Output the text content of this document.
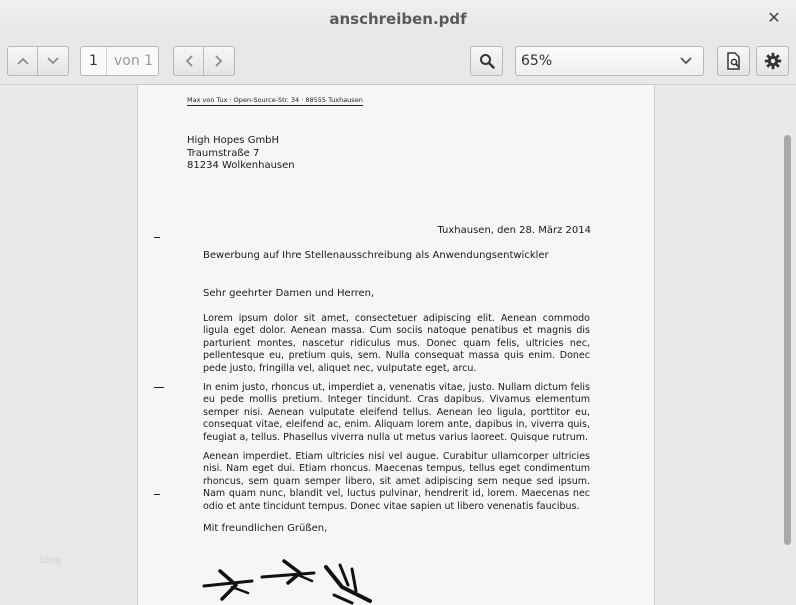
anschreiben.pdf	✕
1	von 1	65%
blog
Max von Tux · Open-Source-Str. 34 · 88555 Tuxhausen
High Hopes GmbH
Traumstraße 7
81234 Wolkenhausen
Tuxhausen, den 28. März 2014
Bewerbung auf Ihre Stellenausschreibung als Anwendungsentwickler
Sehr geehrter Damen und Herren,
Lorem ipsum dolor sit amet, consectetuer adipiscing elit. Aenean commodo ligula eget dolor. Aenean massa. Cum sociis natoque penatibus et magnis dis parturient montes, nascetur ridiculus mus. Donec quam felis, ultricies nec, pellentesque eu, pretium quis, sem. Nulla consequat massa quis enim. Donec pede justo, fringilla vel, aliquet nec, vulputate eget, arcu.
In enim justo, rhoncus ut, imperdiet a, venenatis vitae, justo. Nullam dictum felis eu pede mollis pretium. Integer tincidunt. Cras dapibus. Vivamus elementum semper nisi. Aenean vulputate eleifend tellus. Aenean leo ligula, porttitor eu, consequat vitae, eleifend ac, enim. Aliquam lorem ante, dapibus in, viverra quis, feugiat a, tellus. Phasellus viverra nulla ut metus varius laoreet. Quisque rutrum.
Aenean imperdiet. Etiam ultricies nisi vel augue. Curabitur ullamcorper ultricies nisi. Nam eget dui. Etiam rhoncus. Maecenas tempus, tellus eget condimentum rhoncus, sem quam semper libero, sit amet adipiscing sem neque sed ipsum. Nam quam nunc, blandit vel, luctus pulvinar, hendrerit id, lorem. Maecenas nec odio et ante tincidunt tempus. Donec vitae sapien ut libero venenatis faucibus.
Mit freundlichen Grüßen,
